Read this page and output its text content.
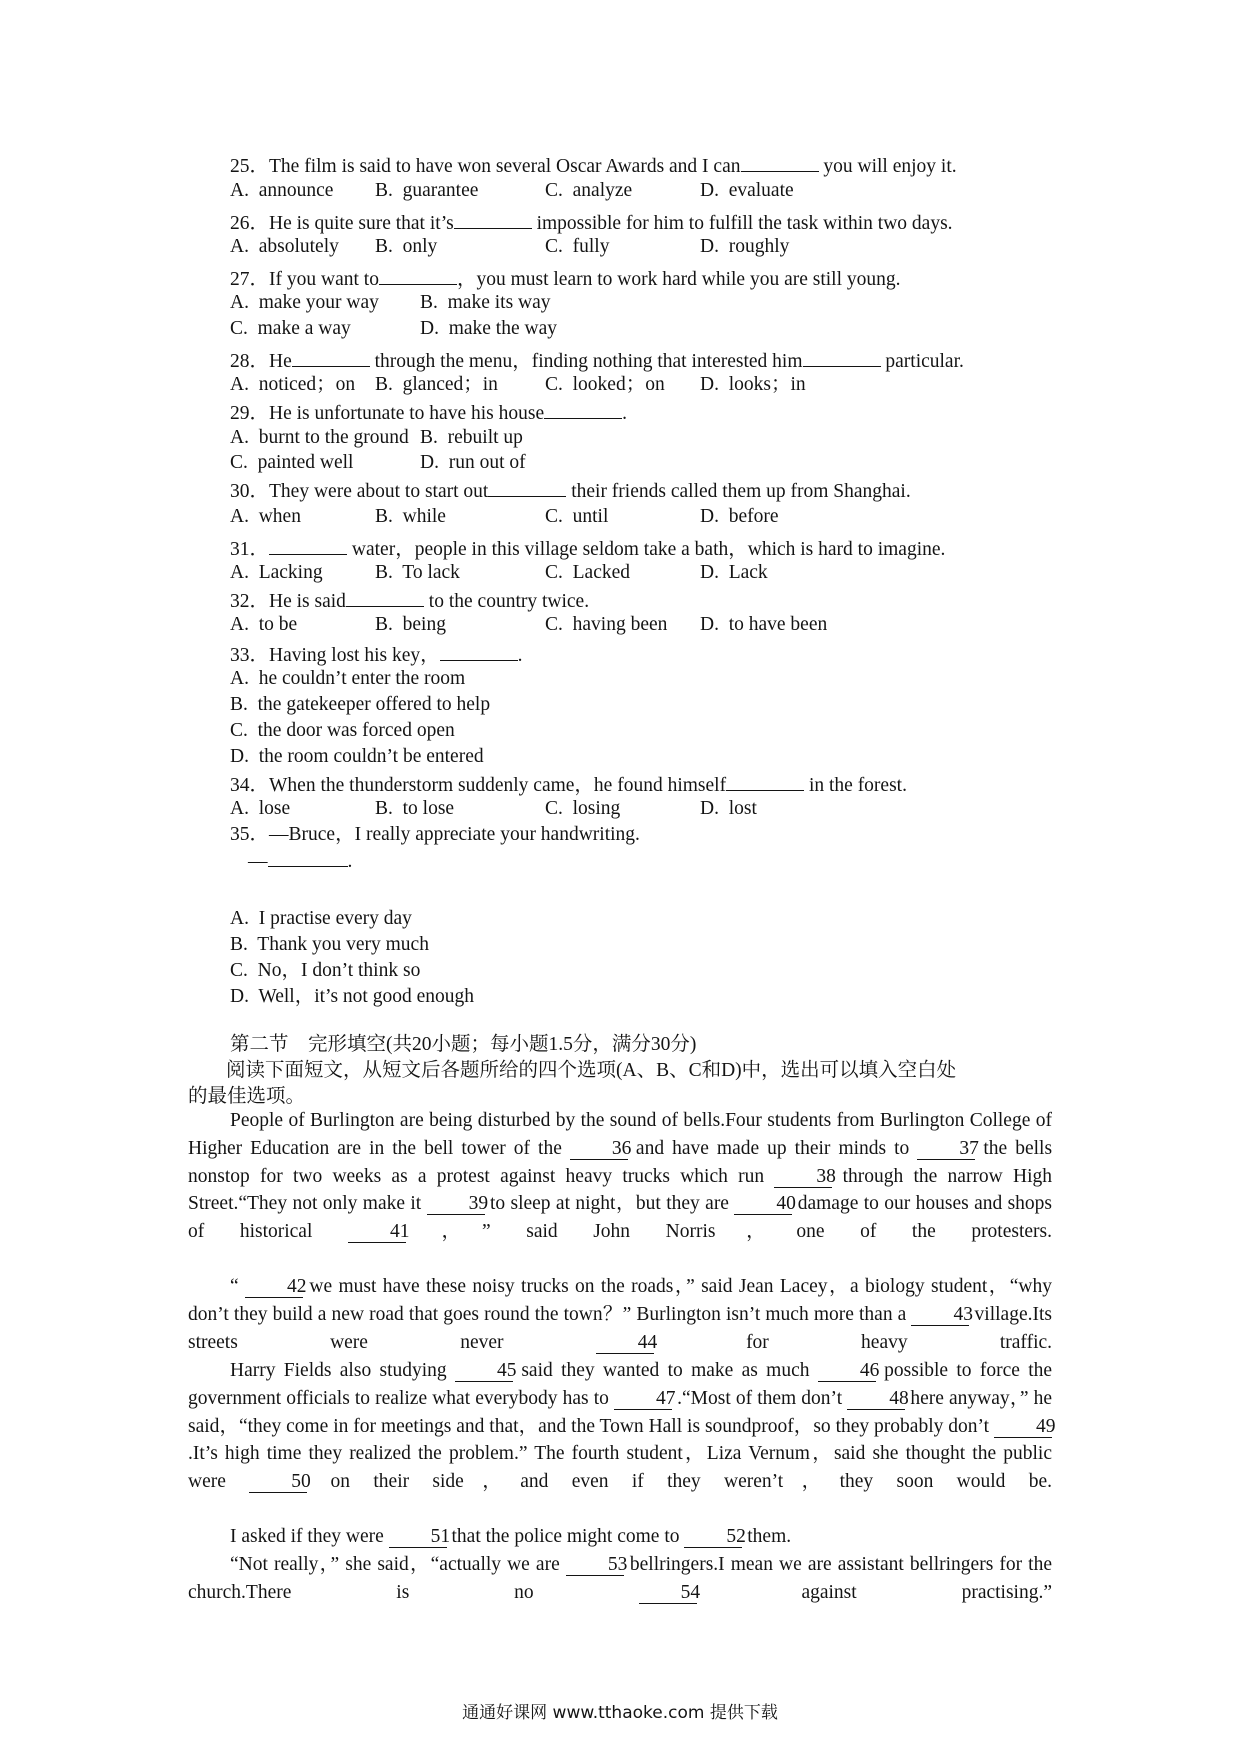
25．The film is said to have won several Oscar Awards and I can	you will enjoy it.
A.  announce B.  guarantee	C.  analyze	D.  evaluate
26．He is quite sure that it’s	impossible for him to fulfill the task within two days.
A.  absolutely B.  only	C.  fully	D.  roughly
27．If you want to	，you must learn to work hard while you are still young.
A.  make your way B.  make its way
C.  make a way	D.  make the way
28．He	through the menu，finding nothing that interested him	particular.
A.  noticed；on B.  glanced；in C.  looked；on D.  looks；in
29．He is unfortunate to have his house	.
A.  burnt to the ground B.  rebuilt up
C.  painted well	D.  run out of
30．They were about to start out	their friends called them up from Shanghai.
A.  when	B.  while	C.  until	D.  before
31．	water，people in this village seldom take a bath，which is hard to imagine.
A.  Lacking	B.  To lack	C.  Lacked	D.  Lack
32．He is said	to the country twice.
A.  to be	B.  being	C.  having been D.  to have been
33．Having lost his key，	.
A.  he couldn’t enter the room
B.  the gatekeeper offered to help
C.  the door was forced open
D.  the room couldn’t be entered
34．When the thunderstorm suddenly came，he found himself	in the forest.
A.  lose	B.  to lose	C.  losing	D.  lost
35．—Bruce，I really appreciate your handwriting.
—	.
A.  I practise every day
B.  Thank you very much
C.  No，I don’t think so
D.  Well，it’s not good enough
第二节　完形填空(共20小题；每小题1.5分，满分30分)
阅读下面短文，从短文后各题所给的四个选项(A、B、C和D)中，选出可以填入空白处
的最佳选项。
People of Burlington are being disturbed by the sound of bells.Four students from Burlington College of Higher Education are in the bell tower of the	36 and have made up their minds to	37 the bells nonstop for two weeks as a protest against heavy trucks which run	38 through the narrow High Street.“They not only make it 39 to sleep at night，but they are 40 damage to our houses and shops of historical	41 ，” said John Norris，one of the protesters.
“ 42 we must have these noisy trucks on the roads，” said Jean Lacey，a biology student，“why don’t they build a new road that goes round the town？” Burlington isn’t much more than a 43 village.Its streets were never	44	for heavy traffic.
Harry Fields also studying	45 said they wanted to make as much	46 possible to force the government officials to realize what everybody has to 47 .“Most of them don’t 48 here anyway，” he said，“they come in for meetings and that，and the Town Hall is soundproof，so they probably don’t 49 .It’s high time they realized the problem.” The fourth student，Liza Vernum，said she thought the public were	50 on their side，and even if they weren’t，they soon would be.
I asked if they were 51 that the police might come to 52 them.
“Not really，” she said，“actually we are 53 bellringers.I mean we are assistant bellringers for the church.There is no	54	against practising.”
通通好课网 www.tthaoke.com 提供下载
